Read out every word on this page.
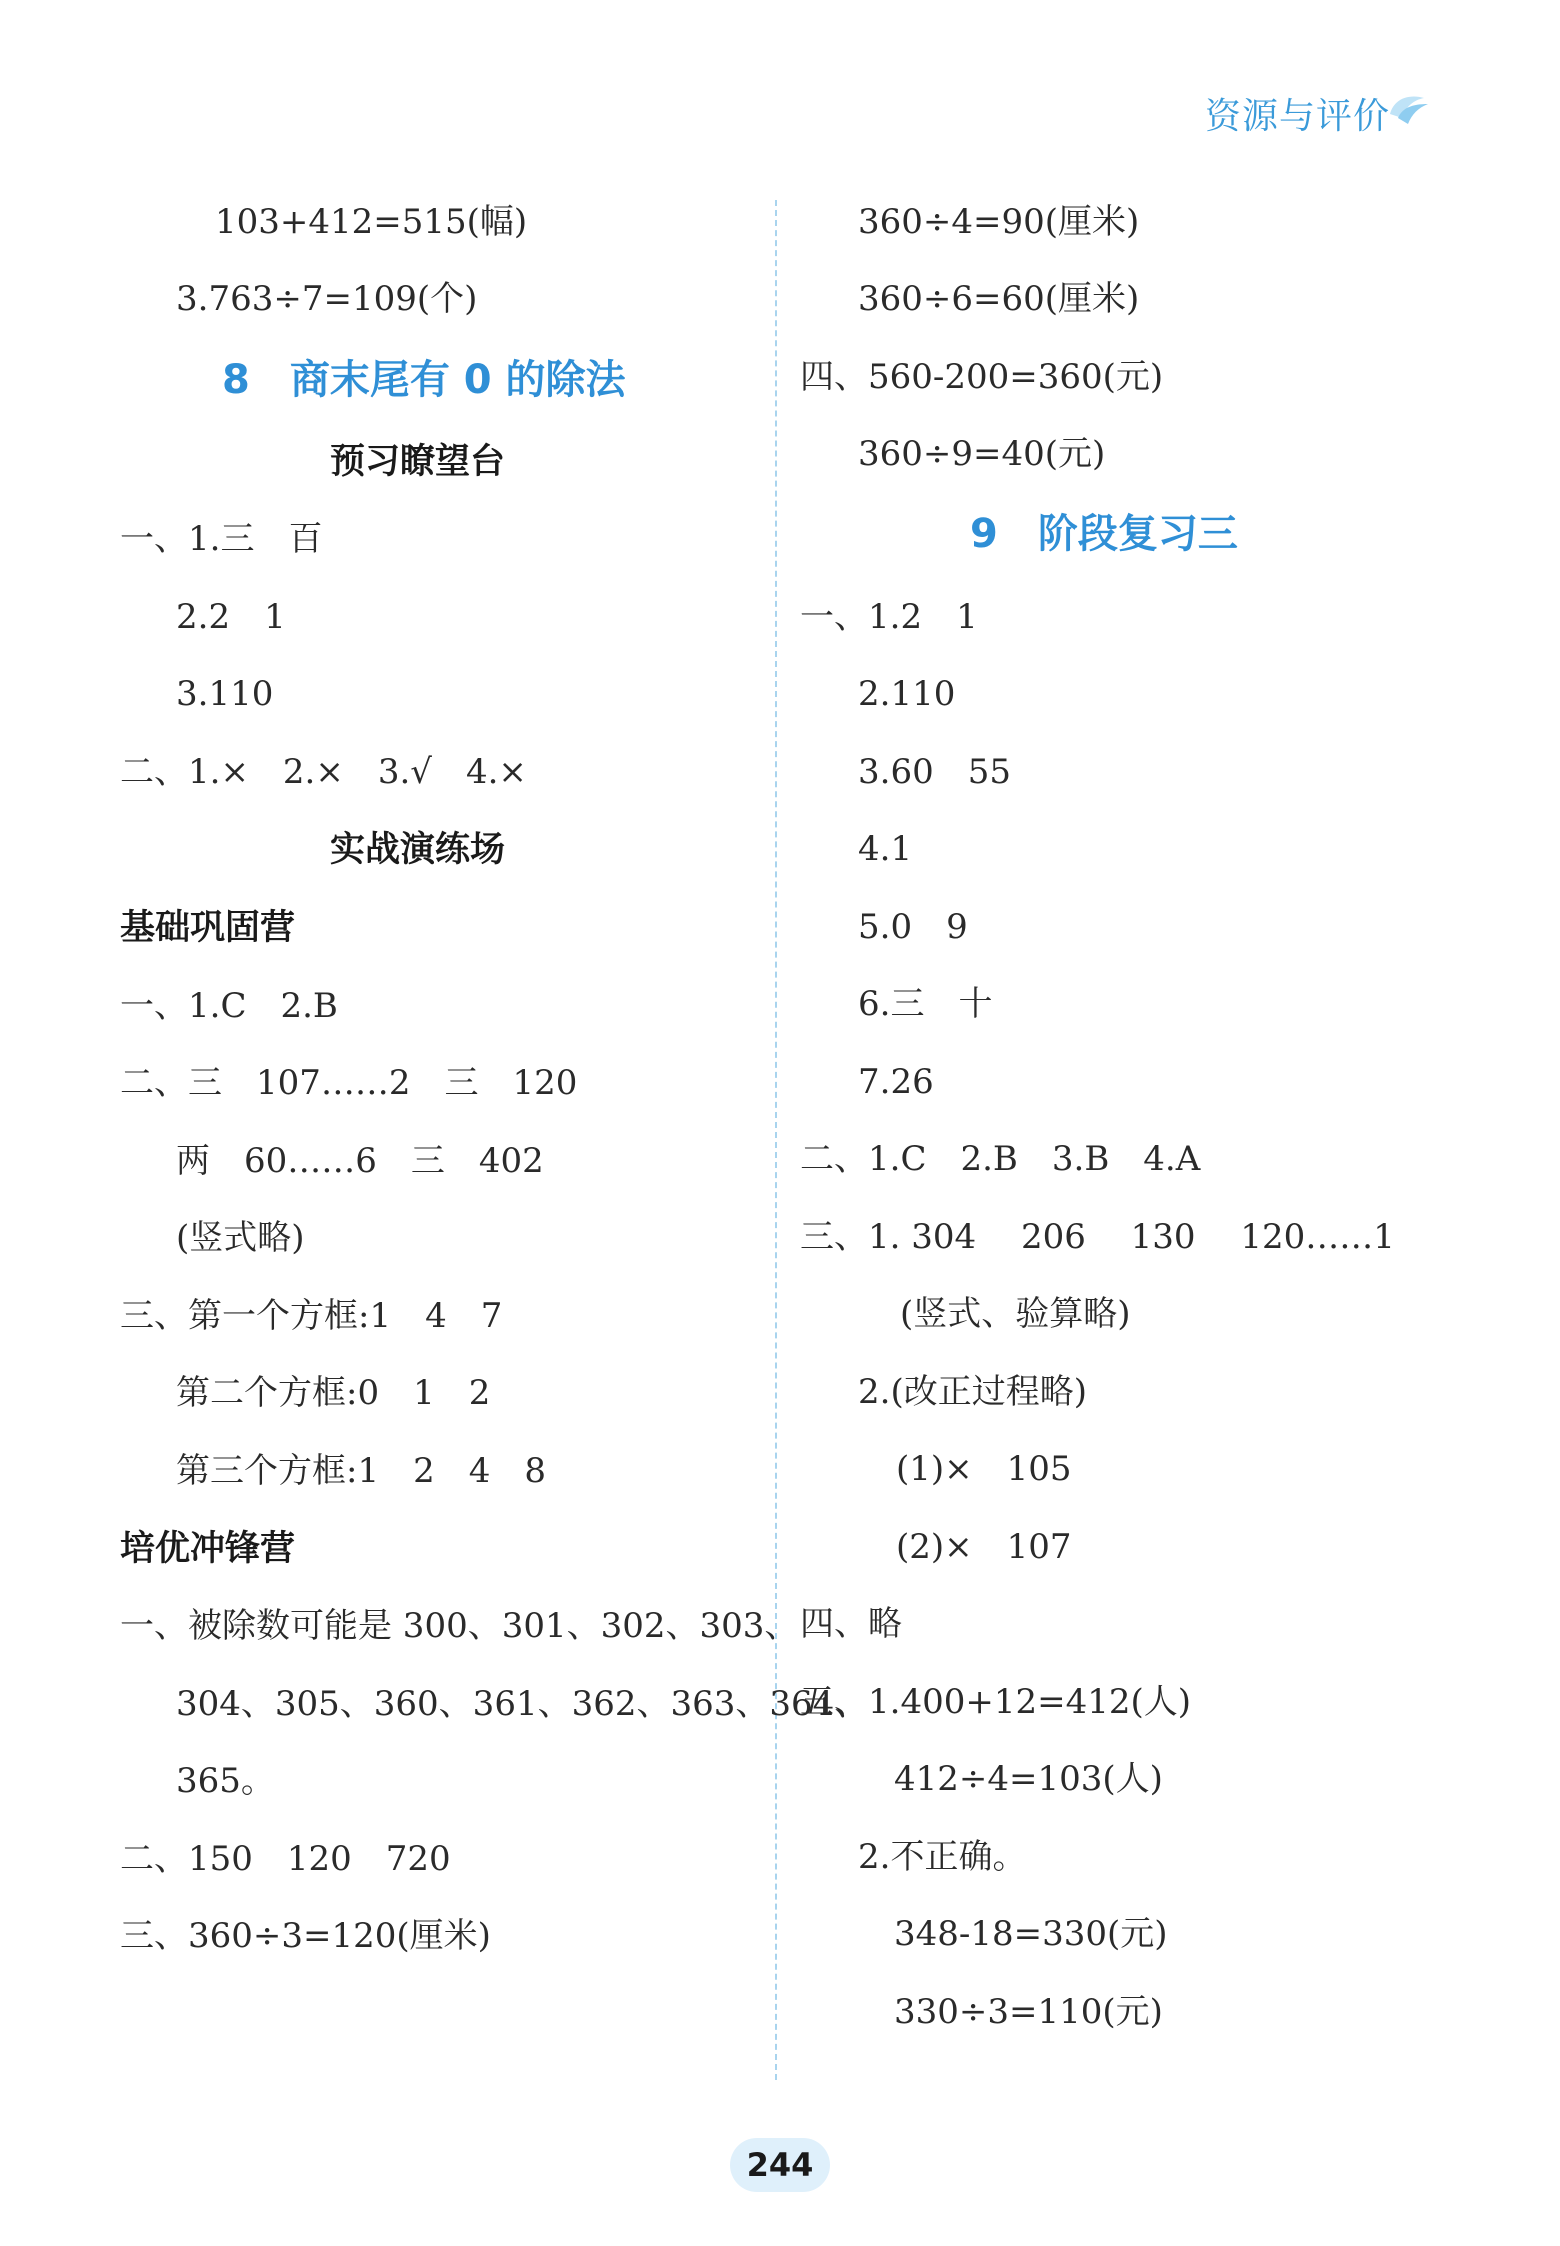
资源与评价
103+412=515(幅)
3.763÷7=109(个)
8　商末尾有 0 的除法
预习瞭望台
一、1.三　百
2.2　1
3.110
二、1.×　2.×　3.√　4.×
实战演练场
基础巩固营
一、1.C　2.B
二、三　107……2　三　120
两　60……6　三　402
(竖式略)
三、第一个方框:1　4　7
第二个方框:0　1　2
第三个方框:1　2　4　8
培优冲锋营
一、被除数可能是 300、301、302、303、
304、305、360、361、362、363、364、
365。
二、150　120　720
三、360÷3=120(厘米)
360÷4=90(厘米)
360÷6=60(厘米)
四、560-200=360(元)
360÷9=40(元)
9　阶段复习三
一、1.2　1
2.110
3.60　55
4.1
5.0　9
6.三　十
7.26
二、1.C　2.B　3.B　4.A
三、1. 304　 206　 130　 120……1
(竖式、验算略)
2.(改正过程略)
(1)×　105
(2)×　107
四、略
五、1.400+12=412(人)
412÷4=103(人)
2.不正确。
348-18=330(元)
330÷3=110(元)
244
